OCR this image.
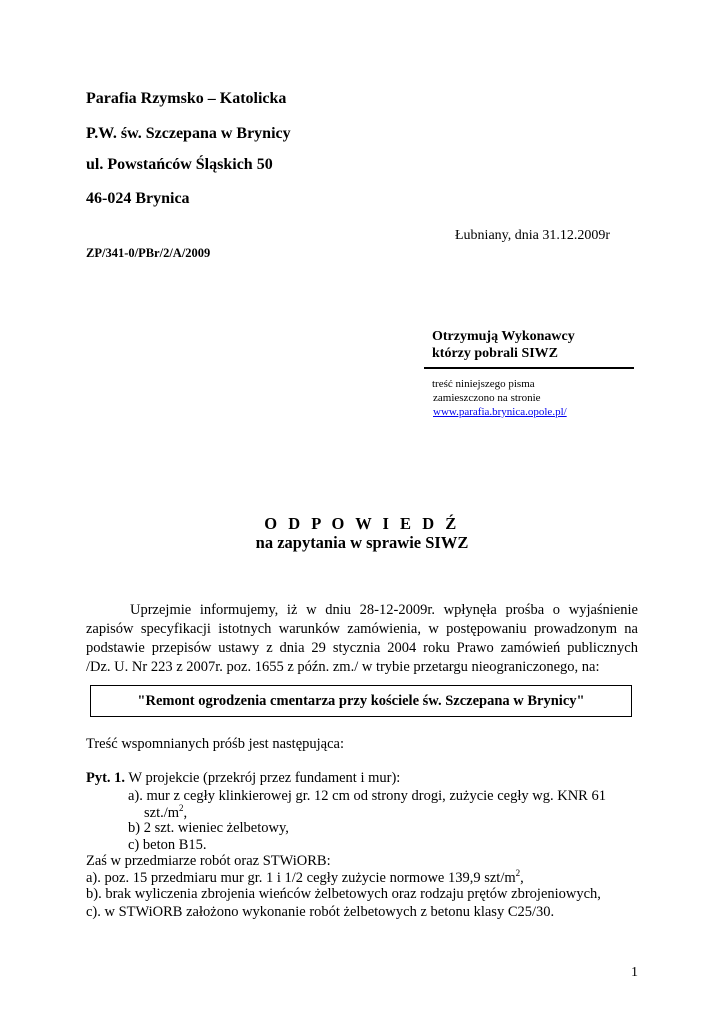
Parafia Rzymsko – Katolicka

P.W. św. Szczepana w Brynicy

ul. Powstańców Śląskich 50

46-024 Brynica

Łubniany, dnia 31.12.2009r

ZP/341-0/PBr/2/A/2009

Otrzymują Wykonawcy

którzy pobrali SIWZ

treść niniejszego pisma

zamieszczono na stronie

www.parafia.brynica.opole.pl/

O D P O W I E D Ź

na zapytania w sprawie SIWZ

Uprzejmie informujemy, iż w dniu 28-12-2009r. wpłynęła prośba o wyjaśnienie
zapisów specyfikacji istotnych warunków zamówienia, w postępowaniu prowadzonym na
podstawie przepisów ustawy z dnia 29 stycznia 2004 roku Prawo zamówień publicznych
/Dz. U. Nr 223 z 2007r. poz. 1655 z późn. zm./ w trybie przetargu nieograniczonego, na:
"Remont ogrodzenia cmentarza przy kościele św. Szczepana w Brynicy"

Treść wspomnianych próśb jest następująca:

Pyt. 1. W projekcie (przekrój przez fundament i mur):

a). mur z cegły klinkierowej gr. 12 cm od strony drogi, zużycie cegły wg. KNR 61

$szt./m^2$,

b) 2 szt. wieniec żelbetowy,

c) beton B15.

Zaś w przedmiarze robót oraz STWiORB:

a). poz. 15 przedmiaru mur gr. 1 i 1/2 cegły zużycie normowe 139,9 szt/$m^2$,

b). brak wyliczenia zbrojenia wieńców żelbetowych oraz rodzaju prętów zbrojeniowych,

c). w STWiORB założono wykonanie robót żelbetowych z betonu klasy C25/30.

1
